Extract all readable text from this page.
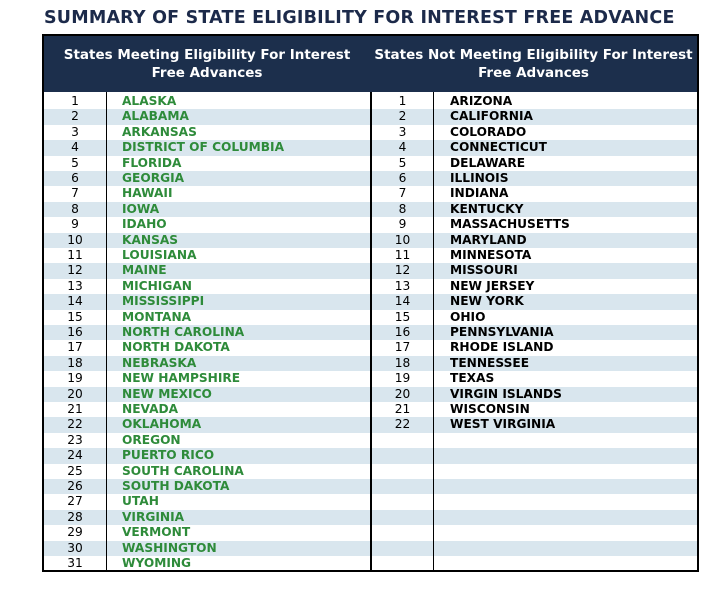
SUMMARY OF STATE ELIGIBILITY FOR INTEREST FREE ADVANCE
States Meeting Eligibility For Interest Free Advances
States Not Meeting Eligibility For Interest Free Advances
1	ALASKA	1	ARIZONA
2	ALABAMA	2	CALIFORNIA
3	ARKANSAS	3	COLORADO
4	DISTRICT OF COLUMBIA	4	CONNECTICUT
5	FLORIDA	5	DELAWARE
6	GEORGIA	6	ILLINOIS
7	HAWAII	7	INDIANA
8	IOWA	8	KENTUCKY
9	IDAHO	9	MASSACHUSETTS
10	KANSAS	10	MARYLAND
11	LOUISIANA	11	MINNESOTA
12	MAINE	12	MISSOURI
13	MICHIGAN	13	NEW JERSEY
14	MISSISSIPPI	14	NEW YORK
15	MONTANA	15	OHIO
16	NORTH CAROLINA	16	PENNSYLVANIA
17	NORTH DAKOTA	17	RHODE ISLAND
18	NEBRASKA	18	TENNESSEE
19	NEW HAMPSHIRE	19	TEXAS
20	NEW MEXICO	20	VIRGIN ISLANDS
21	NEVADA	21	WISCONSIN
22	OKLAHOMA	22	WEST VIRGINIA
23	OREGON
24	PUERTO RICO
25	SOUTH CAROLINA
26	SOUTH DAKOTA
27	UTAH
28	VIRGINIA
29	VERMONT
30	WASHINGTON
31	WYOMING
